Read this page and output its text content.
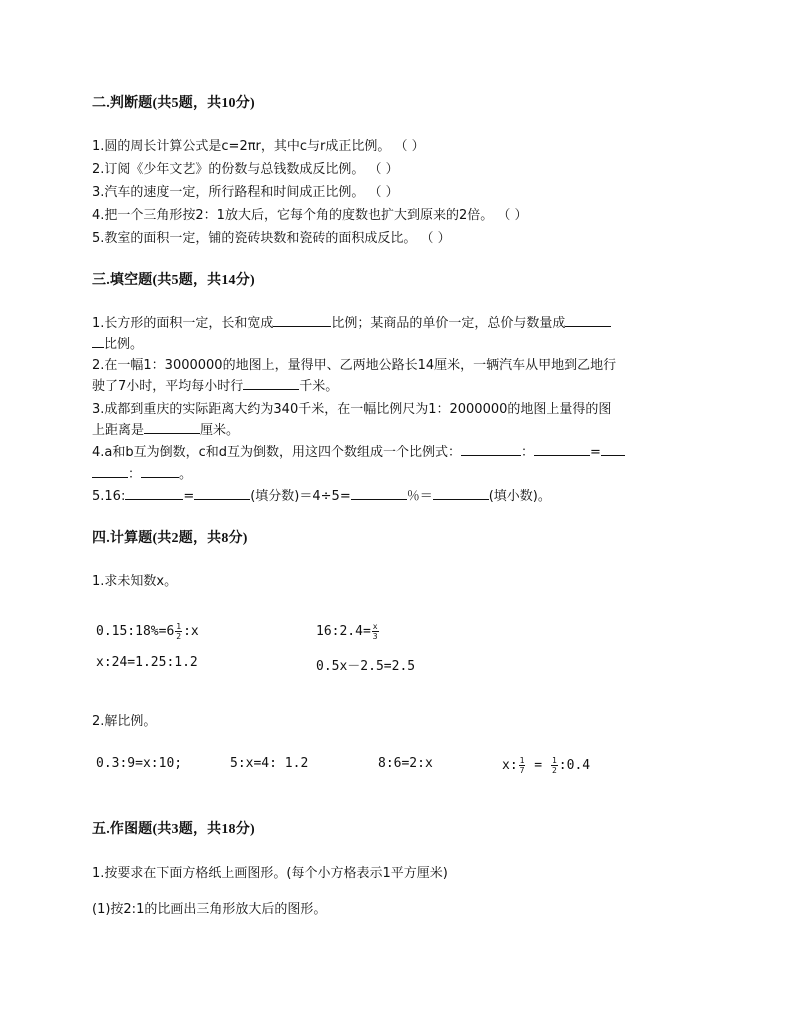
二.判断题(共5题，共10分)
1.圆的周长计算公式是c=2πr，其中c与r成正比例。 （ ）
2.订阅《少年文艺》的份数与总钱数成反比例。 （ ）
3.汽车的速度一定，所行路程和时间成正比例。 （ ）
4.把一个三角形按2：1放大后，它每个角的度数也扩大到原来的2倍。 （ ）
5.教室的面积一定，铺的瓷砖块数和瓷砖的面积成反比。 （ ）
三.填空题(共5题，共14分)
1.长方形的面积一定，长和宽成	比例；某商品的单价一定，总价与数量成
比例。
2.在一幅1：3000000的地图上，量得甲、乙两地公路长14厘米，一辆汽车从甲地到乙地行
驶了7小时，平均每小时行	千米。
3.成都到重庆的实际距离大约为340千米，在一幅比例尺为1：2000000的地图上量得的图
上距离是	厘米。
4.a和b互为倒数，c和d互为倒数，用这四个数组成一个比例式：	：	=
：	。
5.16:	=	(填分数)＝4÷5=	％＝	(填小数)。
四.计算题(共2题，共8分)
1.求未知数x。
0.15:18%=6 $\frac{1}{2}$ :x	16:2.4= $\frac{x}{3}$
x:24=1.25:1.2	0.5x－2.5=2.5
2.解比例。
0.3:9=x:10;	5:x=4: 1.2	8:6=2:x	x: $\frac{1}{7} = \frac{1}{2}$ :0.4
五.作图题(共3题，共18分)
1.按要求在下面方格纸上画图形。(每个小方格表示1平方厘米)
(1)按2:1的比画出三角形放大后的图形。
